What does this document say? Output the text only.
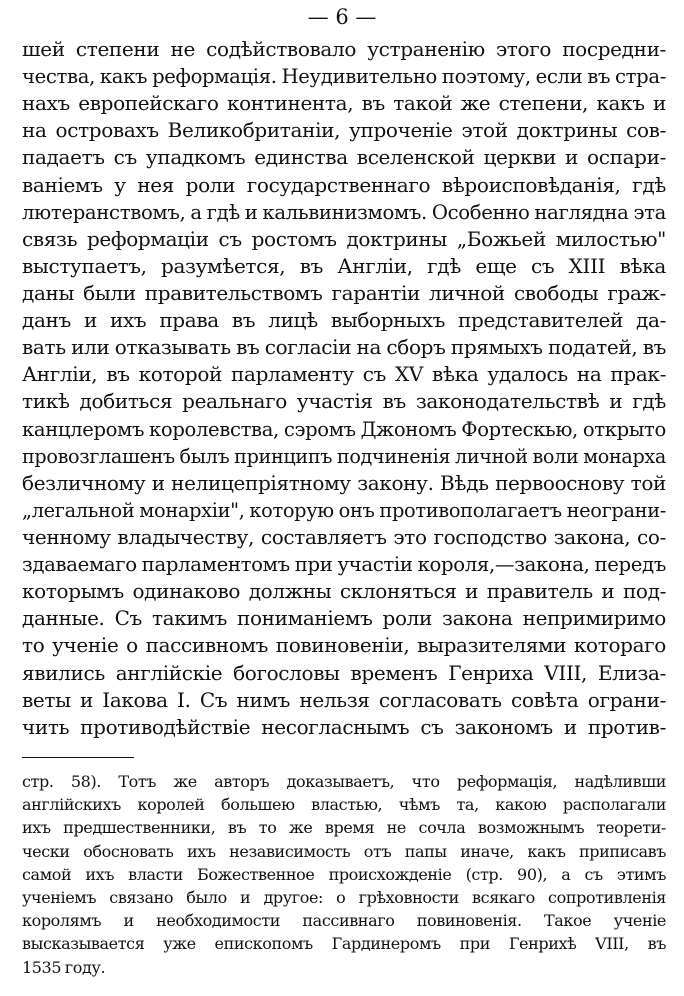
— 6 —
шей степени не содѣйствовало устраненію этого посредни-
чества, какъ реформація. Неудивительно поэтому, если въ стра-
нахъ европейскаго континента, въ такой же степени, какъ и
на островахъ Великобританіи, упроченіе этой доктрины сов-
падаетъ съ упадкомъ единства вселенской церкви и оспари-
ваніемъ у нея роли государственнаго вѣроисповѣданія, гдѣ
лютеранствомъ, а гдѣ и кальвинизмомъ. Особенно наглядна эта
связь реформаціи съ ростомъ доктрины „Божьей милостью"
выступаетъ, разумѣется, въ Англіи, гдѣ еще съ XIII вѣка
даны были правительствомъ гарантіи личной свободы граж-
данъ и ихъ права въ лицѣ выборныхъ представителей да-
вать или отказывать въ согласіи на сборъ прямыхъ податей, въ
Англіи, въ которой парламенту съ XV вѣка удалось на прак-
тикѣ добиться реальнаго участія въ законодательствѣ и гдѣ
канцлеромъ королевства, сэромъ Джономъ Фортескью, открыто
провозглашенъ былъ принципъ подчиненія личной воли монарха
безличному и нелицепріятному закону. Вѣдь первооснову той
„легальной монархіи", которую онъ противополагаетъ неограни-
ченному владычеству, составляетъ это господство закона, со-
здаваемаго парламентомъ при участіи короля,—закона, передъ
которымъ одинаково должны склоняться и правитель и под-
данные. Съ такимъ пониманіемъ роли закона непримиримо
то ученіе о пассивномъ повиновеніи, выразителями котораго
явились англійскіе богословы временъ Генриха VIII, Елиза-
веты и Іакова I. Съ нимъ нельзя согласовать совѣта ограни-
чить противодѣйствіе несогласнымъ съ закономъ и против-
стр. 58). Тотъ же авторъ доказываетъ, что реформація, надѣливши
англійскихъ королей большею властью, чѣмъ та, какою располагали
ихъ предшественники, въ то же время не сочла возможнымъ теорети-
чески обосновать ихъ независимость отъ папы иначе, какъ приписавъ
самой ихъ власти Божественное происхожденіе (стр. 90), а съ этимъ
ученіемъ связано было и другое: о грѣховности всякаго сопротивленія
королямъ и необходимости пассивнаго повиновенія. Такое ученіе
высказывается уже епископомъ Гардинеромъ при Генрихѣ VIII, въ
1535 году.
